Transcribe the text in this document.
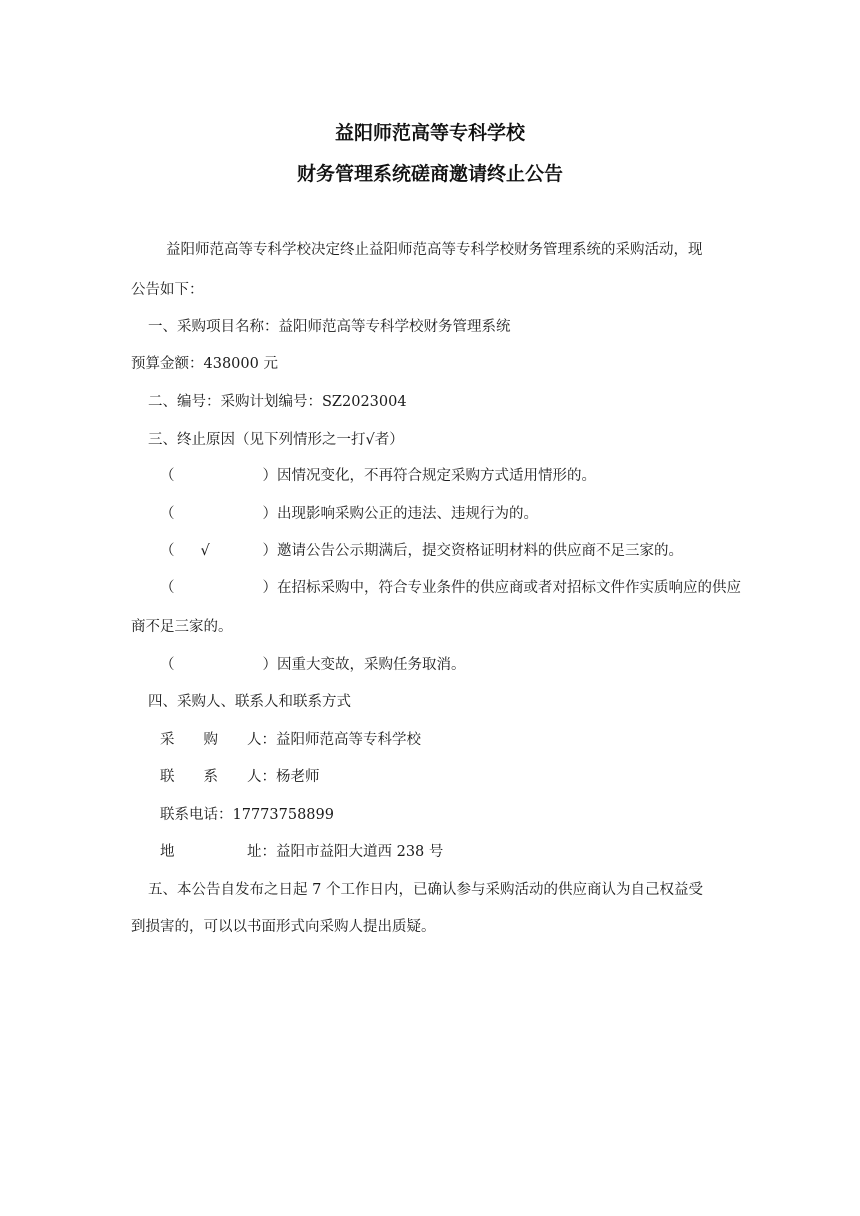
益阳师范高等专科学校
财务管理系统磋商邀请终止公告
益阳师范高等专科学校决定终止益阳师范高等专科学校财务管理系统的采购活动，现
公告如下：
一、采购项目名称：益阳师范高等专科学校财务管理系统
预算金额：438000 元
二、编号：采购计划编号：SZ2023004
三、终止原因（见下列情形之一打√者）
（	）因情况变化，不再符合规定采购方式适用情形的。
（	）出现影响采购公正的违法、违规行为的。
（ √	）邀请公告公示期满后，提交资格证明材料的供应商不足三家的。
（	）在招标采购中，符合专业条件的供应商或者对招标文件作实质响应的供应
商不足三家的。
（	）因重大变故，采购任务取消。
四、采购人、联系人和联系方式
采　　购　　人：益阳师范高等专科学校
联　　系　　人：杨老师
联系电话：17773758899
地　　　　　址：益阳市益阳大道西 238 号
五、本公告自发布之日起 7 个工作日内，已确认参与采购活动的供应商认为自己权益受
到损害的，可以以书面形式向采购人提出质疑。
